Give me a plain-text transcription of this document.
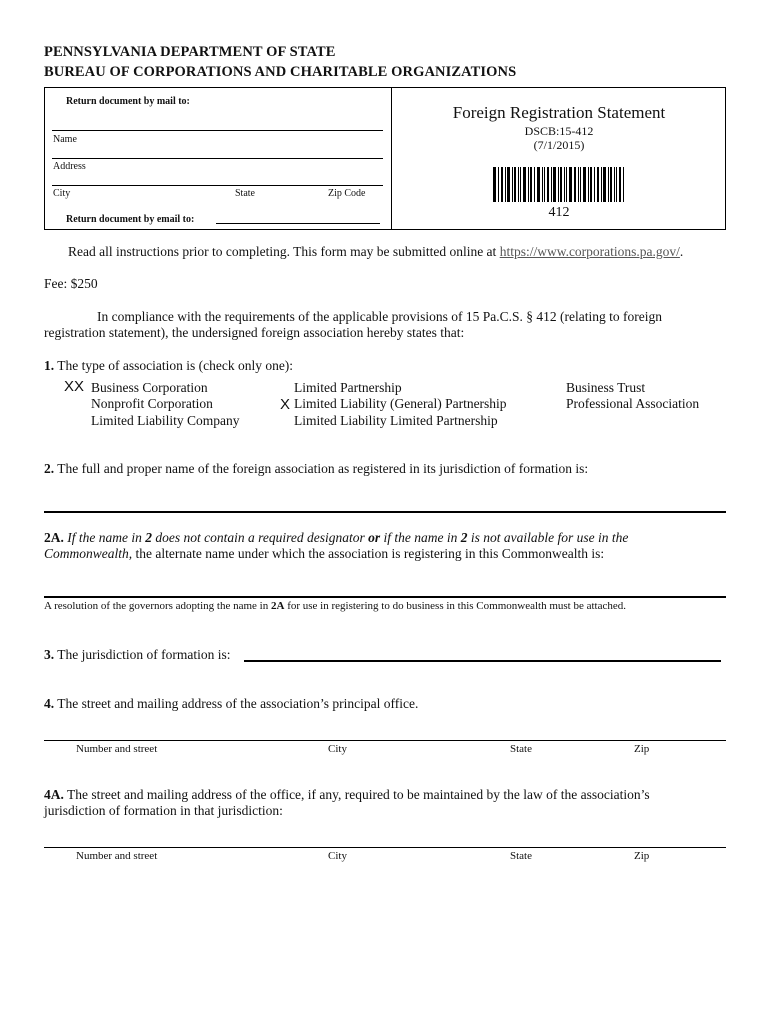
PENNSYLVANIA DEPARTMENT OF STATE
BUREAU OF CORPORATIONS AND CHARITABLE ORGANIZATIONS
Return document by mail to:
Name
Address
City	State	Zip Code
Return document by email to:
Foreign Registration Statement
DSCB:15-412
(7/1/2015)
412
Read all instructions prior to completing. This form may be submitted online at https://www.corporations.pa.gov/.
Fee: $250
In compliance with the requirements of the applicable provisions of 15 Pa.C.S. § 412 (relating to foreign
registration statement), the undersigned foreign association hereby states that:
1. The type of association is (check only one):
XX Business Corporation
Nonprofit Corporation
Limited Liability Company
Limited Partnership
X Limited Liability (General) Partnership
Limited Liability Limited Partnership
Business Trust
Professional Association
2. The full and proper name of the foreign association as registered in its jurisdiction of formation is:
2A. If the name in 2 does not contain a required designator or if the name in 2 is not available for use in the
Commonwealth, the alternate name under which the association is registering in this Commonwealth is:
A resolution of the governors adopting the name in 2A for use in registering to do business in this Commonwealth must be attached.
3. The jurisdiction of formation is:
4. The street and mailing address of the association’s principal office.
Number and street	City	State	Zip
4A. The street and mailing address of the office, if any, required to be maintained by the law of the association’s
jurisdiction of formation in that jurisdiction:
Number and street	City	State	Zip
